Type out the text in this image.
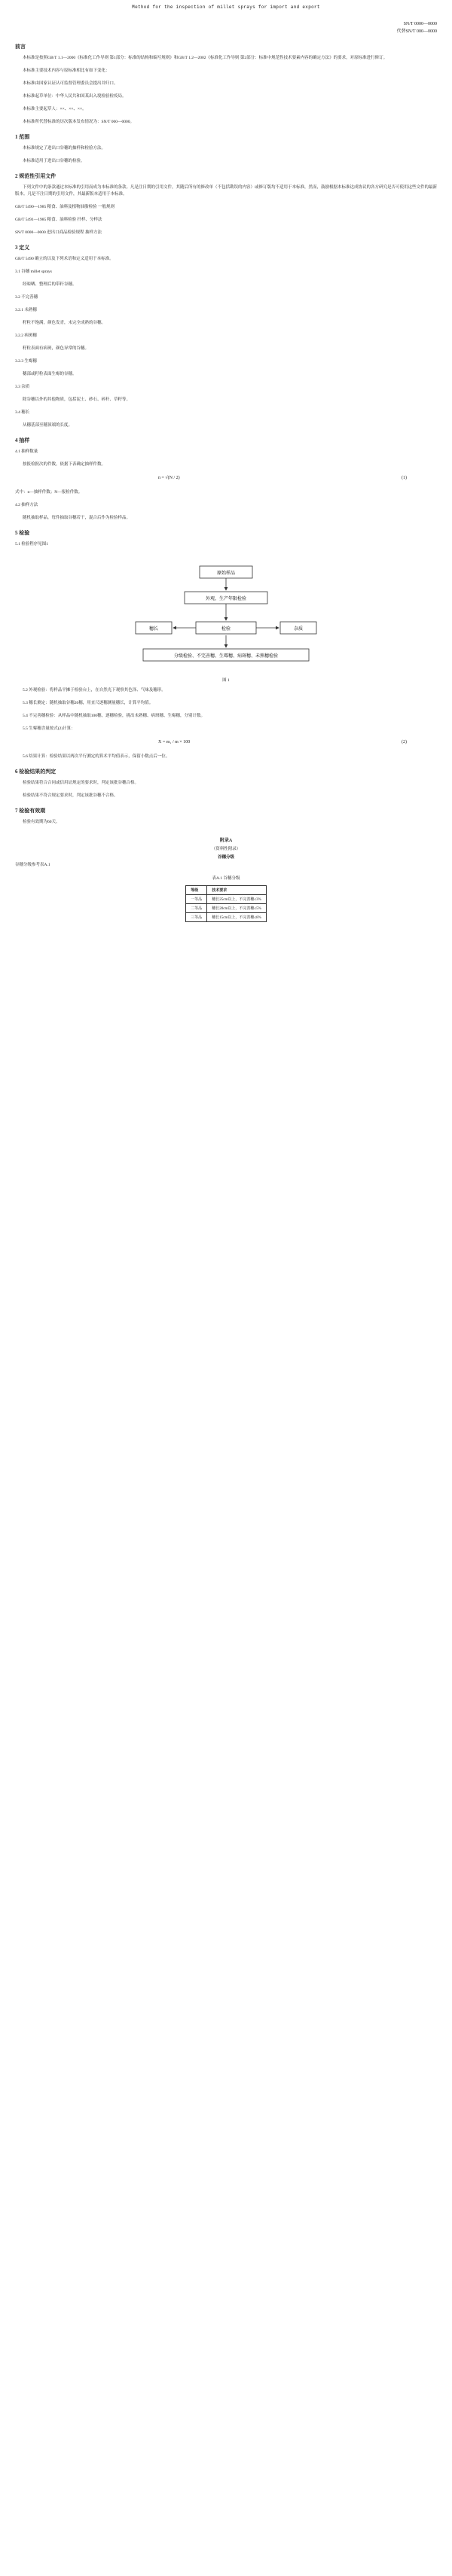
Method for the inspection of millet sprays for import and export
SN/T 0000—0000
代替SN/T 000—0000
前言

本标准是按照GB/T 1.1—2000《标准化工作导则 第1部分：标准的结构和编写规则》和GB/T 1.2—2002《标准化工作导则 第2部分：标准中规范性技术要素内容的确定方法》的要求，对原标准进行修订。

本标准主要技术内容与原标准相比有如下变化：

本标准由国家认证认可监督管理委员会提出并归口。

本标准起草单位：中华人民共和国某出入境检验检疫局。

本标准主要起草人：××、××、××。

本标准所代替标准的历次版本发布情况为：SN/T 000—0000。

1 范围

本标准规定了进出口谷穗的抽样和检验方法。

本标准适用于进出口谷穗的检验。

2 规范性引用文件

下列文件中的条款通过本标准的引用而成为本标准的条款。凡是注日期的引用文件，其随后所有的修改单（不包括勘误的内容）或修订版均不适用于本标准，然而，鼓励根据本标准达成协议的各方研究是否可使用这些文件的最新版本。凡是不注日期的引用文件，其最新版本适用于本标准。

GB/T 5490—1985 粮食、油料及植物油脂检验 一般规则

GB/T 5491—1985 粮食、油料检验 扦样、分样法

SN/T 0000—0000 进出口商品检验规程 抽样方法

3 定义

GB/T 5490 确立的以及下列术语和定义适用于本标准。

3.1 谷穗 millet sprays

经晾晒、整理后的带秆谷穗。

3.2 不完善穗

3.2.1 未熟穗

籽粒不饱满，颜色发青，未完全成熟的谷穗。

3.2.2 病斑穗

籽粒表面有病斑，颜色异常的谷穗。

3.2.3 生霉穗

穗部或籽粒表面生霉的谷穗。

3.3 杂质

除谷穗以外的其他物质，包括泥土、砂石、碎秆、草籽等。

3.4 穗长

从穗基部至穗顶端的长度。

4 抽样

4.1 抽样数量

按报检批次的件数，依据下表确定抽样件数。

n = √(N / 2)	(1)

式中：n—抽样件数；N—报检件数。

4.2 抽样方法

随机抽取样品，每件抽取谷穗若干，混合后作为检验样品。

5 检验

5.1 检验程序见图1

原始样品
外观、生产年限检验
穗长	杂质
检验
分级检验、不完善穗、生霉穗、病斑穗、未熟穗检验
图 1

5.2 外观检验：将样品平摊于检验台上，在自然光下观察其色泽、气味及穗形。

5.3 穗长测定：随机抽取谷穗20穗，用直尺逐穗测量穗长，计算平均值。

5.4 不完善穗检验：从样品中随机抽取100穗，逐穗检验，挑出未熟穗、病斑穗、生霉穗，分别计数。

5.5 生霉穗含量按式(2)计算：

X = m₁ / m × 100	(2)

5.6 结果计算：检验结果以两次平行测定的算术平均值表示，保留小数点后一位。

6 检验结果的判定

检验结果符合合同或信用证规定的要求时，判定该批谷穗合格。

检验结果不符合规定要求时，判定该批谷穗不合格。

7 检验有效期

检验有效期为60天。

附录A
（资料性附录）
谷穗分级

谷穗分级参考表A.1

表A.1 谷穗分级
等级	技术要求
一等品	穗长25cm以上，不完善穗≤3%
二等品	穗长20cm以上，不完善穗≤5%
三等品	穗长15cm以上，不完善穗≤8%
